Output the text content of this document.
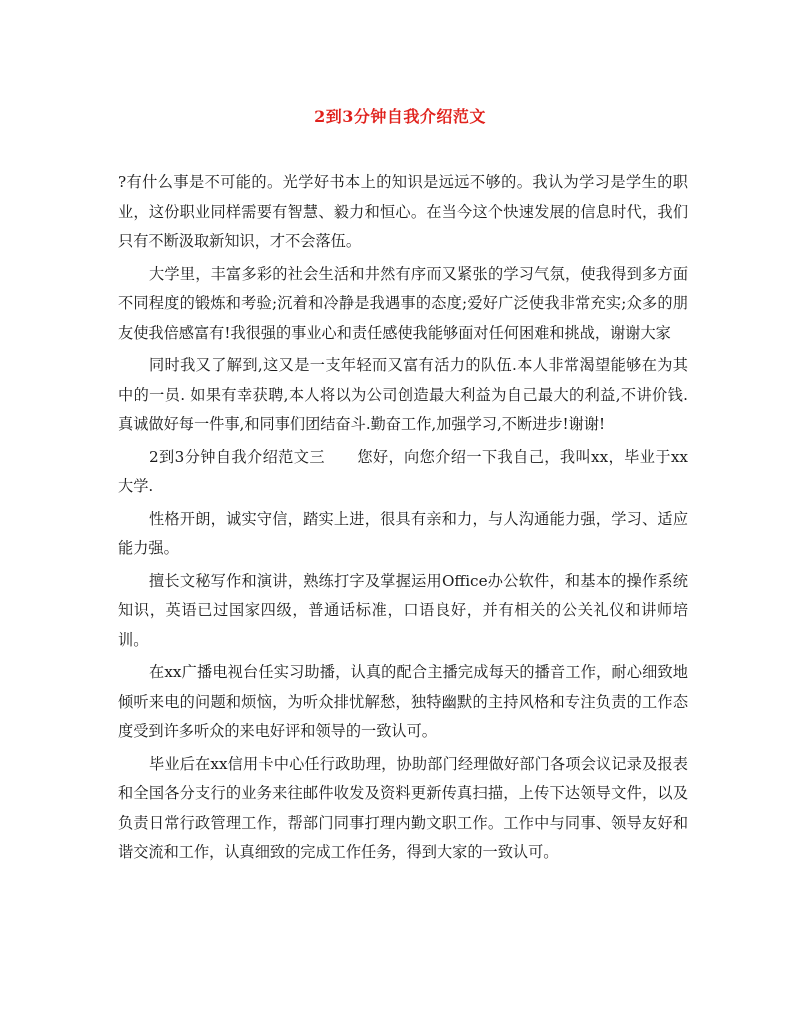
2到3分钟自我介绍范文

?有什么事是不可能的。光学好书本上的知识是远远不够的。我认为学习是学生的职业，这份职业同样需要有智慧、毅力和恒心。在当今这个快速发展的信息时代，我们只有不断汲取新知识，才不会落伍。

大学里，丰富多彩的社会生活和井然有序而又紧张的学习气氛，使我得到多方面不同程度的锻炼和考验;沉着和冷静是我遇事的态度;爱好广泛使我非常充实;众多的朋友使我倍感富有!我很强的事业心和责任感使我能够面对任何困难和挑战，谢谢大家

同时我又了解到,这又是一支年轻而又富有活力的队伍.本人非常渴望能够在为其中的一员. 如果有幸获聘,本人将以为公司创造最大利益为自己最大的利益,不讲价钱.真诚做好每一件事,和同事们团结奋斗.勤奋工作,加强学习,不断进步!谢谢!

2到3分钟自我介绍范文三 您好，向您介绍一下我自己，我叫xx，毕业于xx大学.

性格开朗，诚实守信，踏实上进，很具有亲和力，与人沟通能力强，学习、适应能力强。

擅长文秘写作和演讲，熟练打字及掌握运用Office办公软件，和基本的操作系统知识，英语已过国家四级，普通话标准，口语良好，并有相关的公关礼仪和讲师培训。

在xx广播电视台任实习助播，认真的配合主播完成每天的播音工作，耐心细致地倾听来电的问题和烦恼，为听众排忧解愁，独特幽默的主持风格和专注负责的工作态度受到许多听众的来电好评和领导的一致认可。

毕业后在xx信用卡中心任行政助理，协助部门经理做好部门各项会议记录及报表和全国各分支行的业务来往邮件收发及资料更新传真扫描，上传下达领导文件，以及负责日常行政管理工作，帮部门同事打理内勤文职工作。工作中与同事、领导友好和谐交流和工作，认真细致的完成工作任务，得到大家的一致认可。
